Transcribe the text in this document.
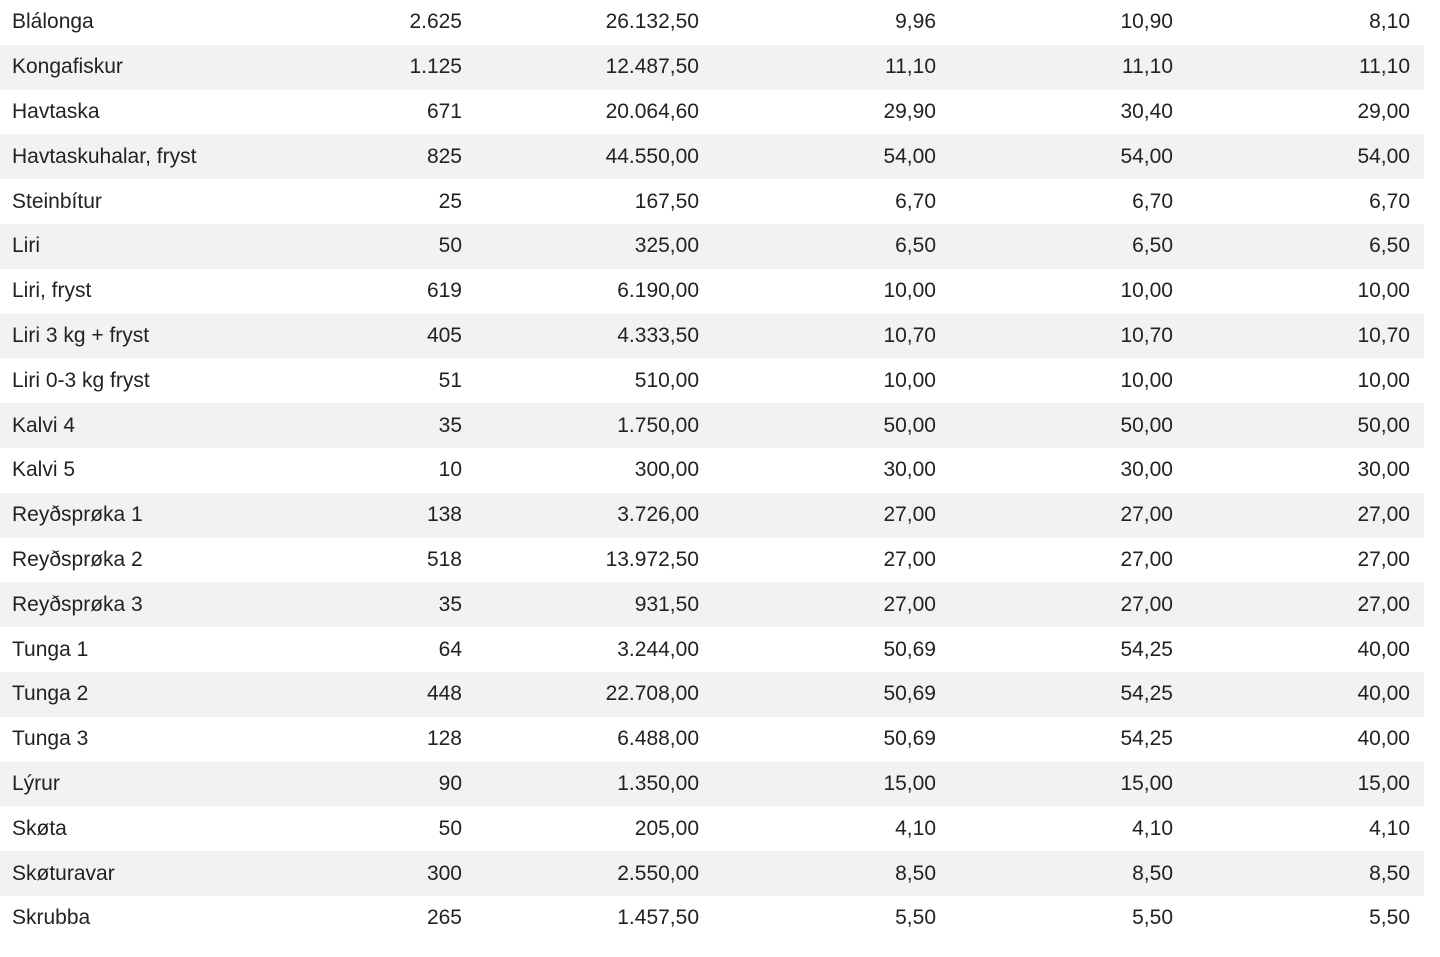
Blálonga	2.625	26.132,50	9,96	10,90	8,10
Kongafiskur	1.125	12.487,50	11,10	11,10	11,10
Havtaska	671	20.064,60	29,90	30,40	29,00
Havtaskuhalar, fryst	825	44.550,00	54,00	54,00	54,00
Steinbítur	25	167,50	6,70	6,70	6,70
Liri	50	325,00	6,50	6,50	6,50
Liri, fryst	619	6.190,00	10,00	10,00	10,00
Liri 3 kg + fryst	405	4.333,50	10,70	10,70	10,70
Liri 0-3 kg fryst	51	510,00	10,00	10,00	10,00
Kalvi 4	35	1.750,00	50,00	50,00	50,00
Kalvi 5	10	300,00	30,00	30,00	30,00
Reyðsprøka 1	138	3.726,00	27,00	27,00	27,00
Reyðsprøka 2	518	13.972,50	27,00	27,00	27,00
Reyðsprøka 3	35	931,50	27,00	27,00	27,00
Tunga 1	64	3.244,00	50,69	54,25	40,00
Tunga 2	448	22.708,00	50,69	54,25	40,00
Tunga 3	128	6.488,00	50,69	54,25	40,00
Lýrur	90	1.350,00	15,00	15,00	15,00
Skøta	50	205,00	4,10	4,10	4,10
Skøturavar	300	2.550,00	8,50	8,50	8,50
Skrubba	265	1.457,50	5,50	5,50	5,50
